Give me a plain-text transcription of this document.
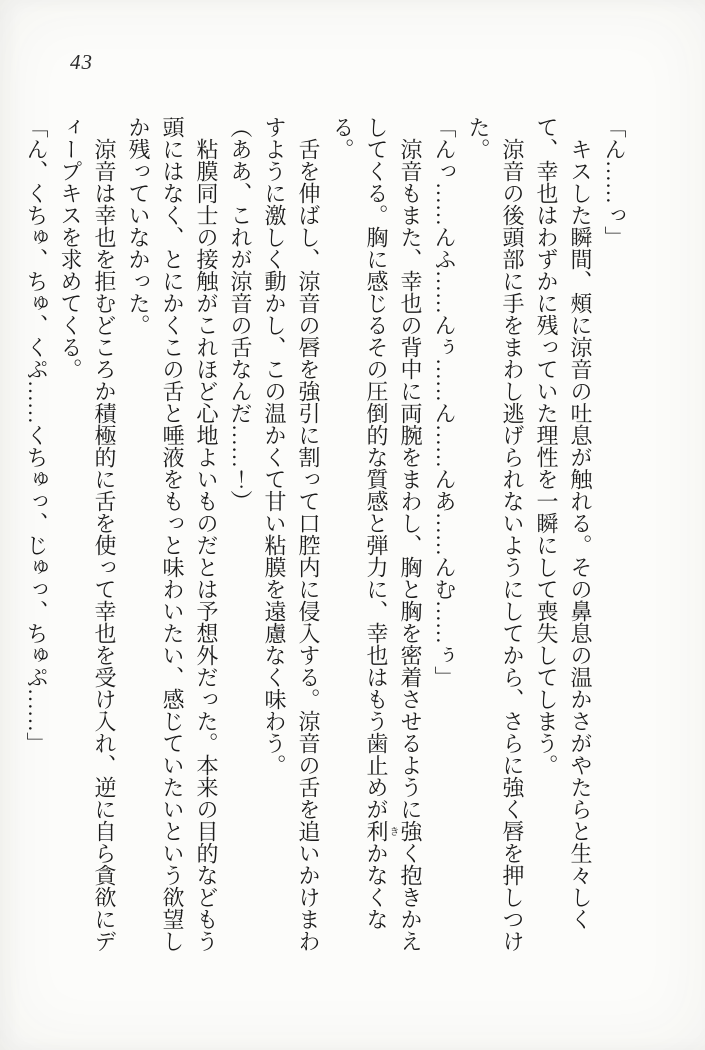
43

「ん……っ」

キスした瞬間、頰に涼音の吐息が触れる。その鼻息の温かさがやたらと生々しくて、幸也はわずかに残っていた理性を一瞬にして喪失してしまう。

涼音の後頭部に手をまわし逃げられないようにしてから、さらに強く唇を押しつけた。

「んっ……んふ……んぅ……ん……んあ……んむ……ぅ」

涼音もまた、幸也の背中に両腕をまわし、胸と胸を密着させるように強く抱きかえしてくる。胸に感じるその圧倒的な質感と弾力に、幸也はもう歯止めが利きかなくなる。

舌を伸ばし、涼音の唇を強引に割って口腔内に侵入する。涼音の舌を追いかけまわすように激しく動かし、この温かくて甘い粘膜を遠慮なく味わう。

（ああ、これが涼音の舌なんだ……！）

粘膜同士の接触がこれほど心地よいものだとは予想外だった。本来の目的などもう頭にはなく、とにかくこの舌と唾液をもっと味わいたい、感じていたいという欲望しか残っていなかった。

涼音は幸也を拒むどころか積極的に舌を使って幸也を受け入れ、逆に自ら貪欲にディープキスを求めてくる。

「ん、くちゅ、ちゅ、くぷ……くちゅっ、じゅっ、ちゅぷ……」
